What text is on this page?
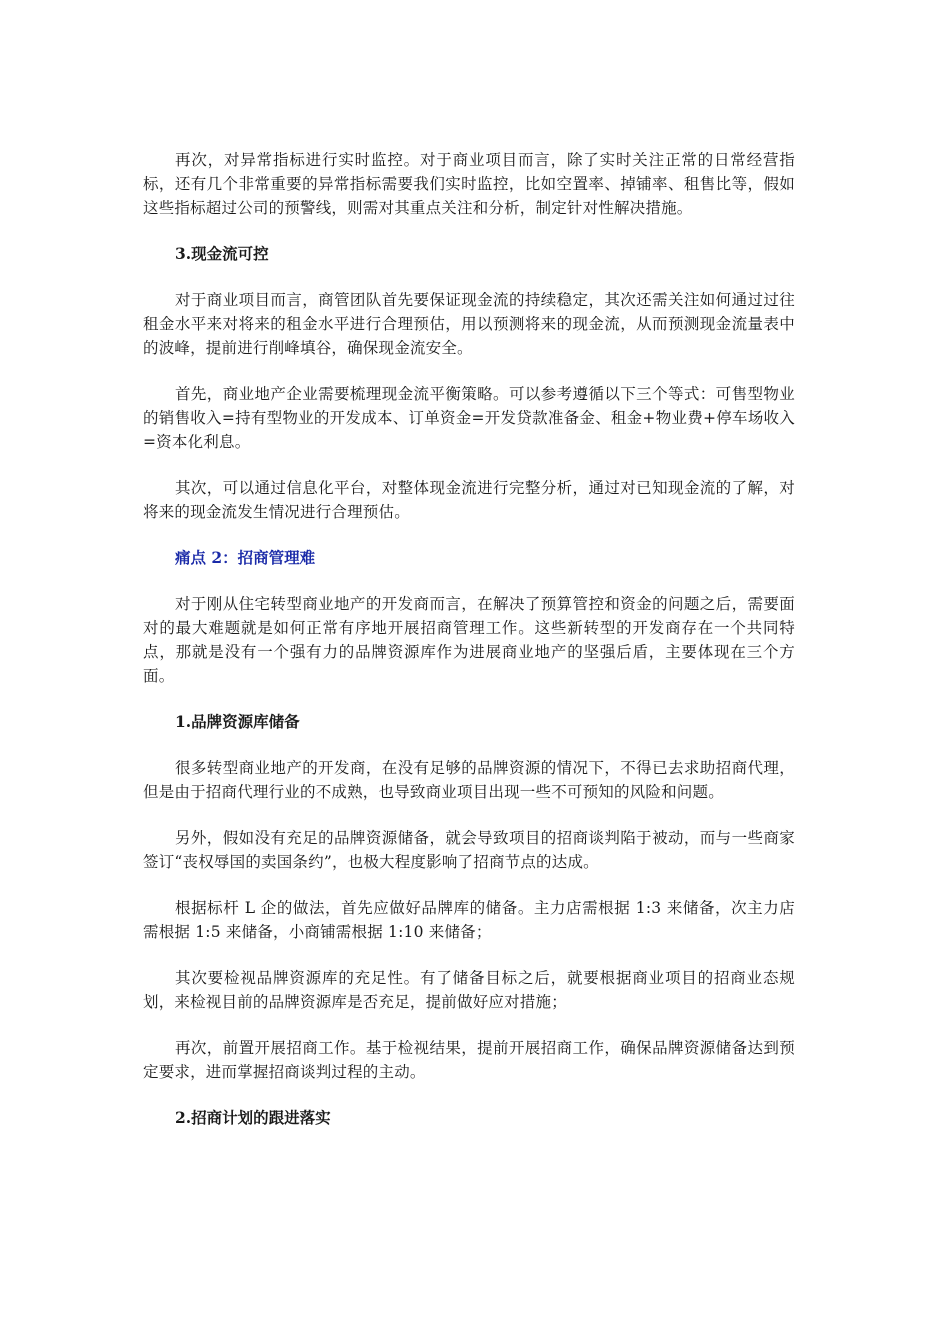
再次，对异常指标进行实时监控。对于商业项目而言，除了实时关注正常的日常经营指标，还有几个非常重要的异常指标需要我们实时监控，比如空置率、掉铺率、租售比等，假如这些指标超过公司的预警线，则需对其重点关注和分析，制定针对性解决措施。

3.现金流可控

对于商业项目而言，商管团队首先要保证现金流的持续稳定，其次还需关注如何通过过往租金水平来对将来的租金水平进行合理预估，用以预测将来的现金流，从而预测现金流量表中的波峰，提前进行削峰填谷，确保现金流安全。

首先，商业地产企业需要梳理现金流平衡策略。可以参考遵循以下三个等式：可售型物业的销售收入=持有型物业的开发成本、订单资金=开发贷款准备金、租金+物业费+停车场收入=资本化利息。

其次，可以通过信息化平台，对整体现金流进行完整分析，通过对已知现金流的了解，对将来的现金流发生情况进行合理预估。

痛点 2：招商管理难

对于刚从住宅转型商业地产的开发商而言，在解决了预算管控和资金的问题之后，需要面对的最大难题就是如何正常有序地开展招商管理工作。这些新转型的开发商存在一个共同特点，那就是没有一个强有力的品牌资源库作为进展商业地产的坚强后盾，主要体现在三个方面。

1.品牌资源库储备

很多转型商业地产的开发商，在没有足够的品牌资源的情况下，不得已去求助招商代理，但是由于招商代理行业的不成熟，也导致商业项目出现一些不可预知的风险和问题。

另外，假如没有充足的品牌资源储备，就会导致项目的招商谈判陷于被动，而与一些商家签订“丧权辱国的卖国条约”，也极大程度影响了招商节点的达成。

根据标杆 L 企的做法，首先应做好品牌库的储备。主力店需根据 1:3 来储备，次主力店需根据 1:5 来储备，小商铺需根据 1:10 来储备；

其次要检视品牌资源库的充足性。有了储备目标之后，就要根据商业项目的招商业态规划，来检视目前的品牌资源库是否充足，提前做好应对措施；

再次，前置开展招商工作。基于检视结果，提前开展招商工作，确保品牌资源储备达到预定要求，进而掌握招商谈判过程的主动。

2.招商计划的跟进落实
